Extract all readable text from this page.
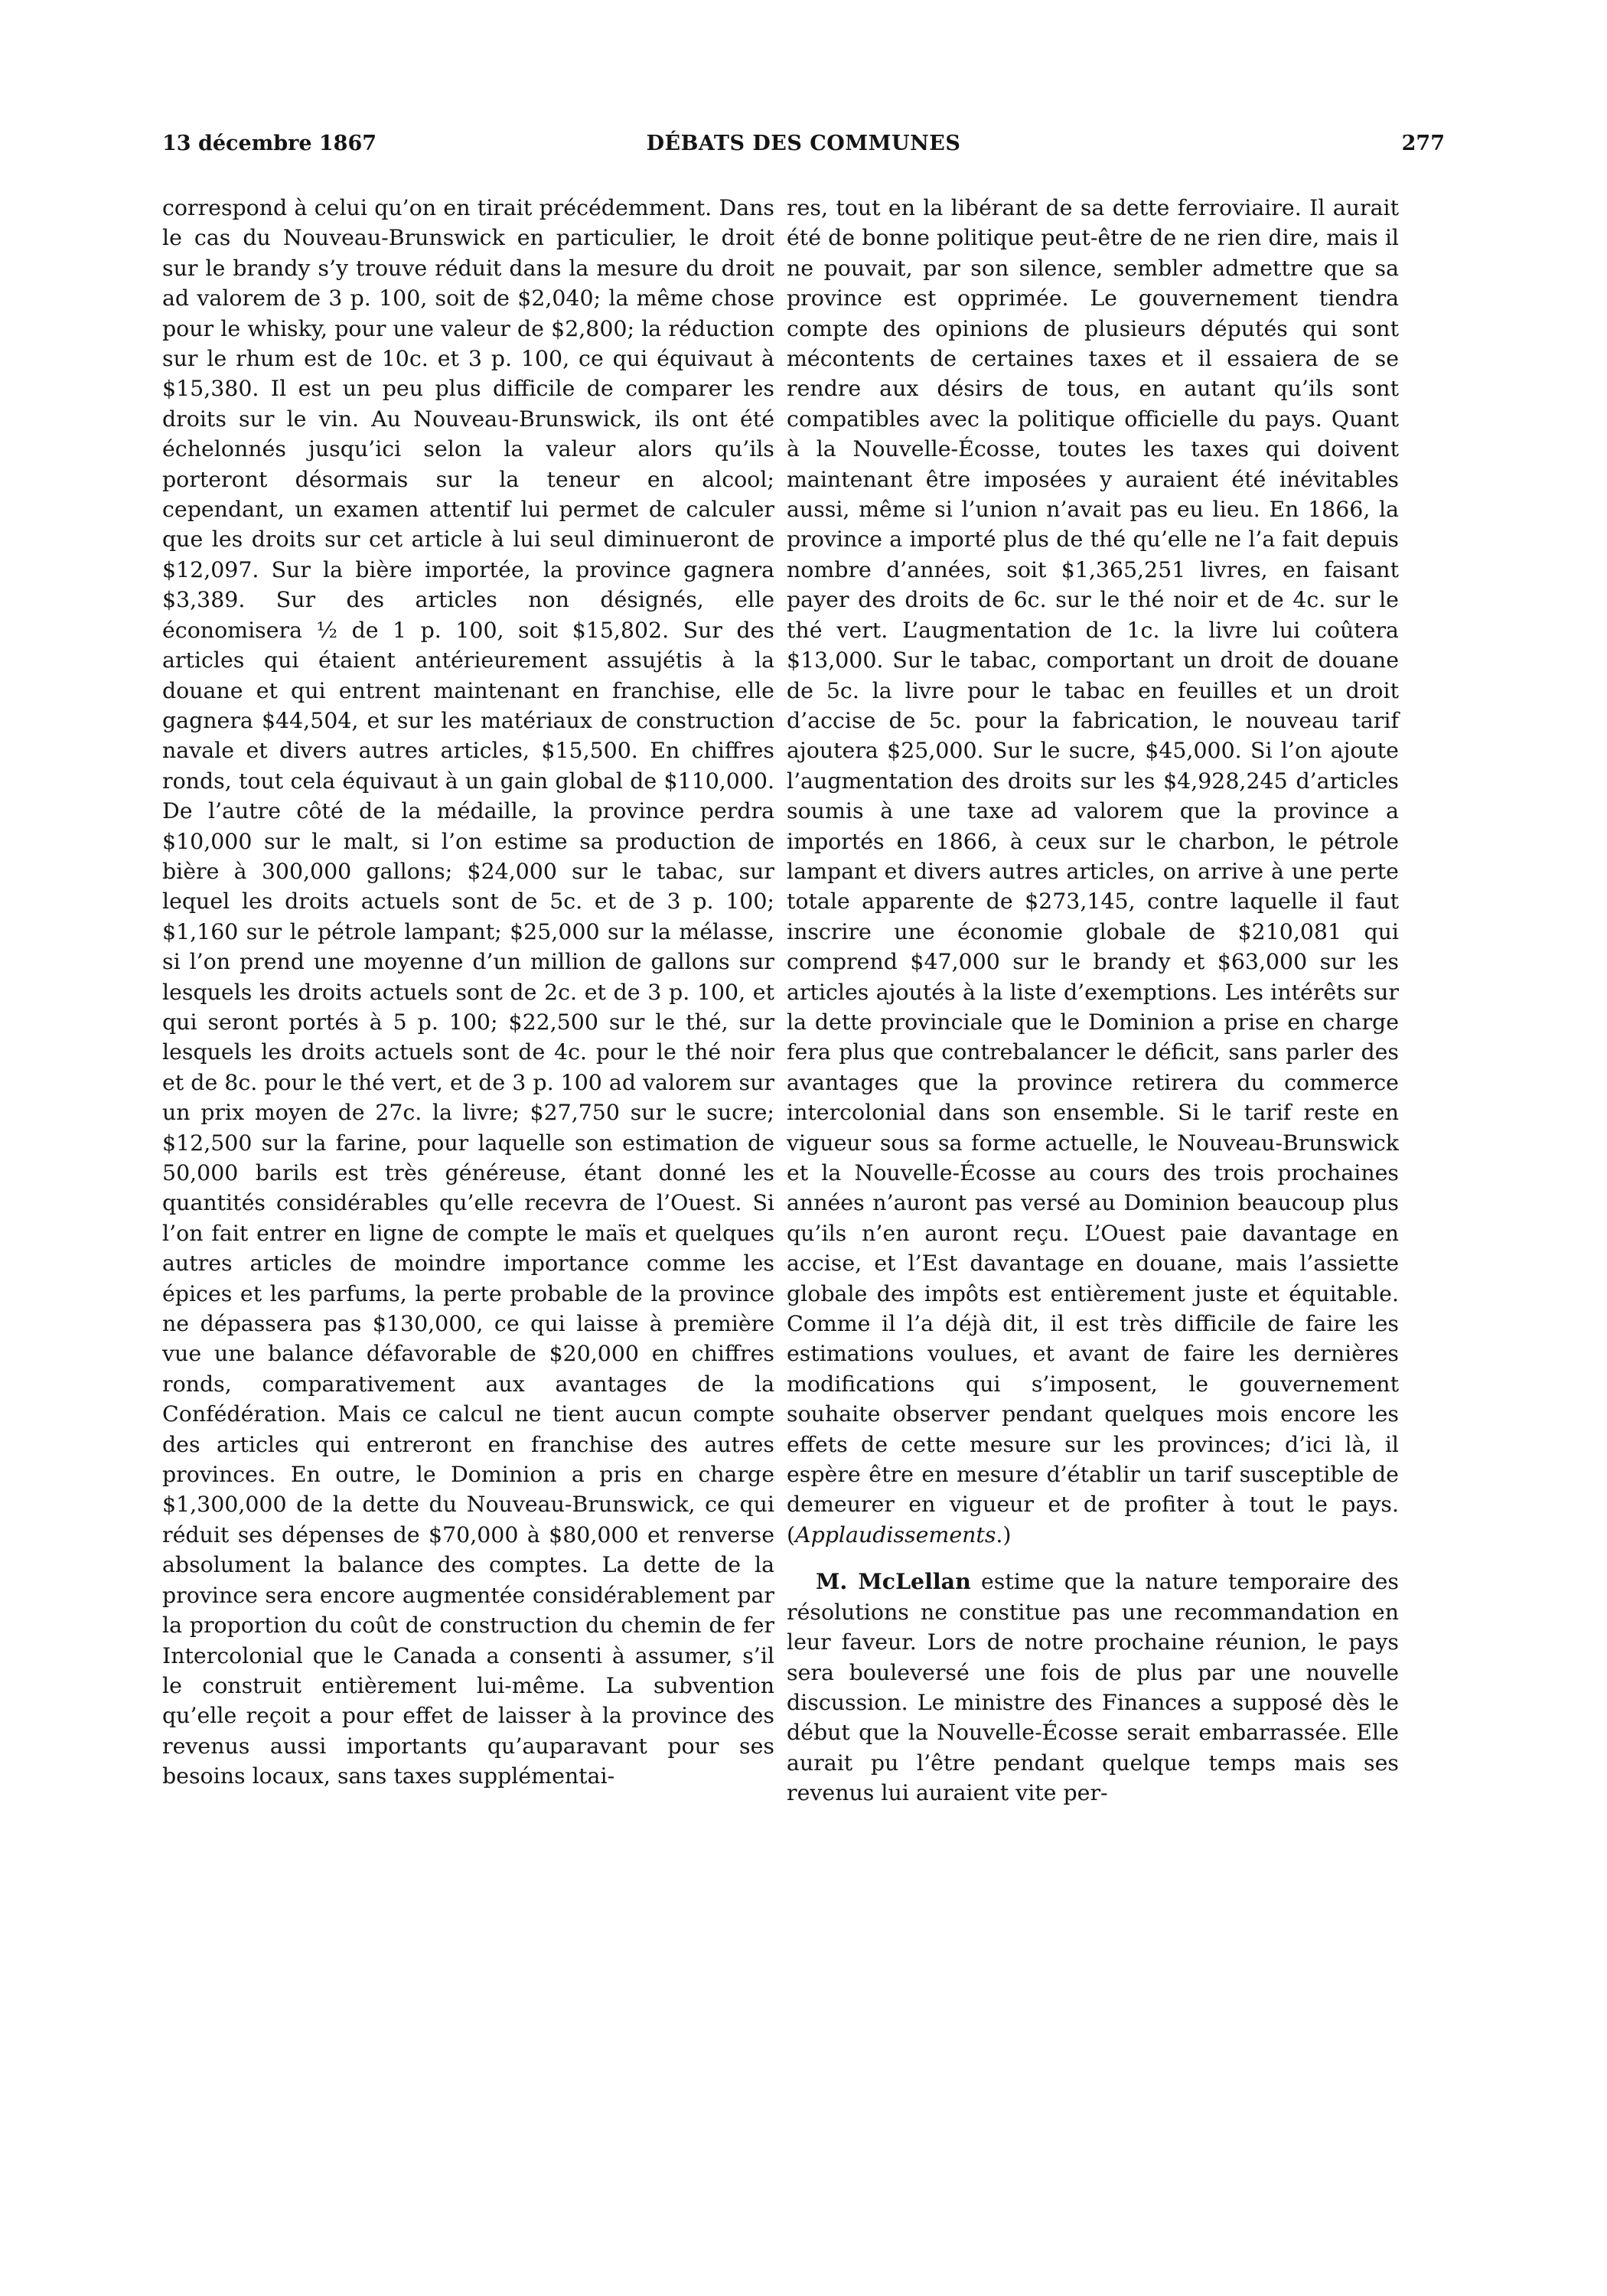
13 décembre 1867	DÉBATS DES COMMUNES	277

correspond à celui qu’on en tirait précédemment. Dans le cas du Nouveau-Brunswick en particulier, le droit sur le brandy s’y trouve réduit dans la mesure du droit ad valorem de 3 p. 100, soit de $2,040; la même chose pour le whisky, pour une valeur de $2,800; la réduction sur le rhum est de 10c. et 3 p. 100, ce qui équivaut à $15,380. Il est un peu plus difficile de comparer les droits sur le vin. Au Nouveau-Brunswick, ils ont été échelonnés jusqu’ici selon la valeur alors qu’ils porteront désormais sur la teneur en alcool; cependant, un examen attentif lui permet de calculer que les droits sur cet article à lui seul diminueront de $12,097. Sur la bière importée, la province gagnera $3,389. Sur des articles non désignés, elle économisera ½ de 1 p. 100, soit $15,802. Sur des articles qui étaient antérieurement assujétis à la douane et qui entrent maintenant en franchise, elle gagnera $44,504, et sur les matériaux de construction navale et divers autres articles, $15,500. En chiffres ronds, tout cela équivaut à un gain global de $110,000. De l’autre côté de la médaille, la province perdra $10,000 sur le malt, si l’on estime sa production de bière à 300,000 gallons; $24,000 sur le tabac, sur lequel les droits actuels sont de 5c. et de 3 p. 100; $1,160 sur le pétrole lampant; $25,000 sur la mélasse, si l’on prend une moyenne d’un million de gallons sur lesquels les droits actuels sont de 2c. et de 3 p. 100, et qui seront portés à 5 p. 100; $22,500 sur le thé, sur lesquels les droits actuels sont de 4c. pour le thé noir et de 8c. pour le thé vert, et de 3 p. 100 ad valorem sur un prix moyen de 27c. la livre; $27,750 sur le sucre; $12,500 sur la farine, pour laquelle son estimation de 50,000 barils est très généreuse, étant donné les quantités considérables qu’elle recevra de l’Ouest. Si l’on fait entrer en ligne de compte le maïs et quelques autres articles de moindre importance comme les épices et les parfums, la perte probable de la province ne dépassera pas $130,000, ce qui laisse à première vue une balance défavorable de $20,000 en chiffres ronds, comparativement aux avantages de la Confédération. Mais ce calcul ne tient aucun compte des articles qui entreront en franchise des autres provinces. En outre, le Dominion a pris en charge $1,300,000 de la dette du Nouveau-Brunswick, ce qui réduit ses dépenses de $70,000 à $80,000 et renverse absolument la balance des comptes. La dette de la province sera encore augmentée considérablement par la proportion du coût de construction du chemin de fer Intercolonial que le Canada a consenti à assumer, s’il le construit entièrement lui-même. La subvention qu’elle reçoit a pour effet de laisser à la province des revenus aussi importants qu’auparavant pour ses besoins locaux, sans taxes supplémentai-

res, tout en la libérant de sa dette ferroviaire. Il aurait été de bonne politique peut-être de ne rien dire, mais il ne pouvait, par son silence, sembler admettre que sa province est opprimée. Le gouvernement tiendra compte des opinions de plusieurs députés qui sont mécontents de certaines taxes et il essaiera de se rendre aux désirs de tous, en autant qu’ils sont compatibles avec la politique officielle du pays. Quant à la Nouvelle-Écosse, toutes les taxes qui doivent maintenant être imposées y auraient été inévitables aussi, même si l’union n’avait pas eu lieu. En 1866, la province a importé plus de thé qu’elle ne l’a fait depuis nombre d’années, soit $1,365,251 livres, en faisant payer des droits de 6c. sur le thé noir et de 4c. sur le thé vert. L’augmentation de 1c. la livre lui coûtera $13,000. Sur le tabac, comportant un droit de douane de 5c. la livre pour le tabac en feuilles et un droit d’accise de 5c. pour la fabrication, le nouveau tarif ajoutera $25,000. Sur le sucre, $45,000. Si l’on ajoute l’augmentation des droits sur les $4,928,245 d’articles soumis à une taxe ad valorem que la province a importés en 1866, à ceux sur le charbon, le pétrole lampant et divers autres articles, on arrive à une perte totale apparente de $273,145, contre laquelle il faut inscrire une économie globale de $210,081 qui comprend $47,000 sur le brandy et $63,000 sur les articles ajoutés à la liste d’exemptions. Les intérêts sur la dette provinciale que le Dominion a prise en charge fera plus que contrebalancer le déficit, sans parler des avantages que la province retirera du commerce intercolonial dans son ensemble. Si le tarif reste en vigueur sous sa forme actuelle, le Nouveau-Brunswick et la Nouvelle-Écosse au cours des trois prochaines années n’auront pas versé au Dominion beaucoup plus qu’ils n’en auront reçu. L’Ouest paie davantage en accise, et l’Est davantage en douane, mais l’assiette globale des impôts est entièrement juste et équitable. Comme il l’a déjà dit, il est très difficile de faire les estimations voulues, et avant de faire les dernières modifications qui s’imposent, le gouvernement souhaite observer pendant quelques mois encore les effets de cette mesure sur les provinces; d’ici là, il espère être en mesure d’établir un tarif susceptible de demeurer en vigueur et de profiter à tout le pays. (Applaudissements.)

M. McLellan estime que la nature temporaire des résolutions ne constitue pas une recommandation en leur faveur. Lors de notre prochaine réunion, le pays sera bouleversé une fois de plus par une nouvelle discussion. Le ministre des Finances a supposé dès le début que la Nouvelle-Écosse serait embarrassée. Elle aurait pu l’être pendant quelque temps mais ses revenus lui auraient vite per-
